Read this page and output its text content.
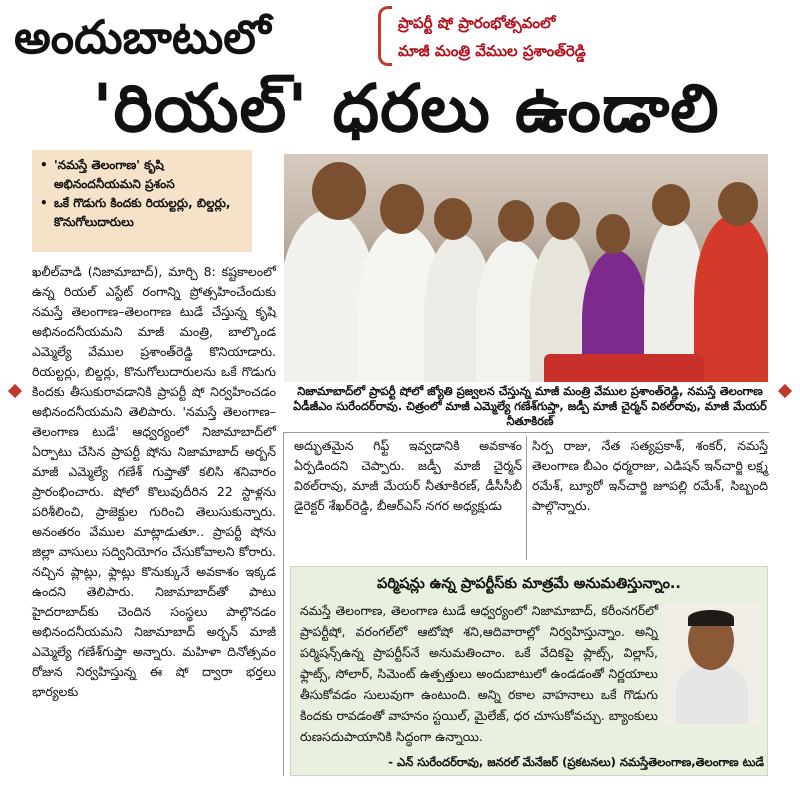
అందుబాటులో	ప్రాపర్టీ షో ప్రారంభోత్సవంలో
మాజీ మంత్రి వేముల ప్రశాంత్‌రెడ్డి
'రియల్' ధరలు ఉండాలి
• 'నమస్తే తెలంగాణ' కృషి అభినందనీయమని ప్రశంస
• ఒకే గొడుగు కిందకు రియల్టర్లు, బిల్డర్లు, కొనుగోలుదారులు
నిజామాబాద్‌లో ప్రాపర్టీ షోలో జ్యోతి ప్రజ్వలన చేస్తున్న మాజీ మంత్రి వేముల ప్రశాంత్‌రెడ్డి, నమస్తే తెలంగాణ ఏడీజీఎం సురేందర్‌రావు. చిత్రంలో మాజీ ఎమ్మెల్యే గణేశ్‌గుప్తా, జడ్పీ మాజీ చైర్మన్ విఠల్‌రావు, మాజీ మేయర్ నీతూకిరణ్
ఖలీల్‌వాడి (నిజామాబాద్), మార్చి 8: కష్టకాలంలో ఉన్న రియల్ ఎస్టేట్ రంగాన్ని ప్రోత్సహించేందుకు నమస్తే తెలంగాణ–తెలంగాణ టుడే చేస్తున్న కృషి అభినందనీయమని మాజీ మంత్రి, బాల్కొండ ఎమ్మెల్యే వేముల ప్రశాంత్‌రెడ్డి కొనియాడారు. రియల్టర్లు, బిల్డర్లు, కొనుగోలుదారులను ఒకే గొడుగు కిందకు తీసుకురావడానికి ప్రాపర్టీ షో నిర్వహించడం అభినందనీయమని తెలిపారు. 'నమస్తే తెలంగాణ–తెలంగాణ టుడే' ఆధ్వర్యంలో నిజామాబాద్‌లో ఏర్పాటు చేసిన ప్రాపర్టీ షోను నిజామాబాద్ అర్బన్ మాజీ ఎమ్మెల్యే గణేశ్ గుప్తాతో కలిసి శనివారం ప్రారంభించారు. షోలో కొలువుదీరిన 22 స్టాళ్లను పరిశీలించి, ప్రాజెక్టుల గురించి తెలుసుకున్నారు. అనంతరం వేముల మాట్లాడుతూ.. ప్రాపర్టీ షోను జిల్లా వాసులు సద్వినియోగం చేసుకోవాలని కోరారు. నచ్చిన ప్లాట్లు, ఫ్లాట్లు కొనుక్కునే అవకాశం ఇక్కడ ఉందని తెలిపారు. నిజామాబాద్‌తో పాటు హైదరాబాద్‌కు చెందిన సంస్థలు పాల్గొనడం అభినందనీయమని నిజామాబాద్ అర్బన్ మాజీ ఎమ్మెల్యే గణేశ్‌గుప్తా అన్నారు. మహిళా దినోత్సవం రోజున నిర్వహిస్తున్న ఈ షో ద్వారా భర్తలు భార్యలకు
అద్భుతమైన గిఫ్ట్ ఇవ్వడానికి అవకాశం ఏర్పడిందని చెప్పారు. జడ్పీ మాజీ చైర్మన్ విఠల్‌రావు, మాజీ మేయర్ నీతూకిరణ్, డీసీసీబీ డైరెక్టర్ శేఖర్‌రెడ్డి, బీఆర్‌ఎస్ నగర అధ్యక్షుడు
సిర్ప రాజు, నేత సత్యప్రకాశ్, శంకర్, నమస్తే తెలంగాణ బీఎం ధర్మరాజు, ఎడిషన్ ఇన్‌చార్జి లక్ష్మ రమేశ్, బ్యూరో ఇన్‌చార్జి జూపల్లి రమేశ్, సిబ్బంది పాల్గొన్నారు.
పర్మిషన్లు ఉన్న ప్రాపర్టీస్‌కు మాత్రమే అనుమతిస్తున్నాం..
నమస్తే తెలంగాణ, తెలంగాణ టుడే ఆధ్వర్యంలో నిజామాబాద్, కరీంనగర్‌లో ప్రాపర్టీషో, వరంగల్‌లో ఆటోషో శని,ఆదివారాల్లో నిర్వహిస్తున్నాం. అన్ని పర్మిషన్స్‌ఉన్న ప్రాపర్టీస్‌నే అనుమతించాం. ఒకే వేదికపై ప్లాట్స్, విల్లాస్, ఫ్లాట్స్, సోలార్, సిమెంట్ ఉత్పత్తులు అందుబాటులో ఉండడంతో నిర్ణయాలు తీసుకోవడం సులువుగా ఉంటుంది. అన్ని రకాల వాహనాలు ఒకే గొడుగు కిందకు రావడంతో వాహనం స్టయిల్, మైలేజ్, ధర చూసుకోవచ్చు. బ్యాంకులు రుణసదుపాయానికి సిద్ధంగా ఉన్నాయి.
- ఎన్ సురేందర్‌రావు, జనరల్ మేనేజర్ (ప్రకటనలు) నమస్తేతెలంగాణ,తెలంగాణ టుడే
